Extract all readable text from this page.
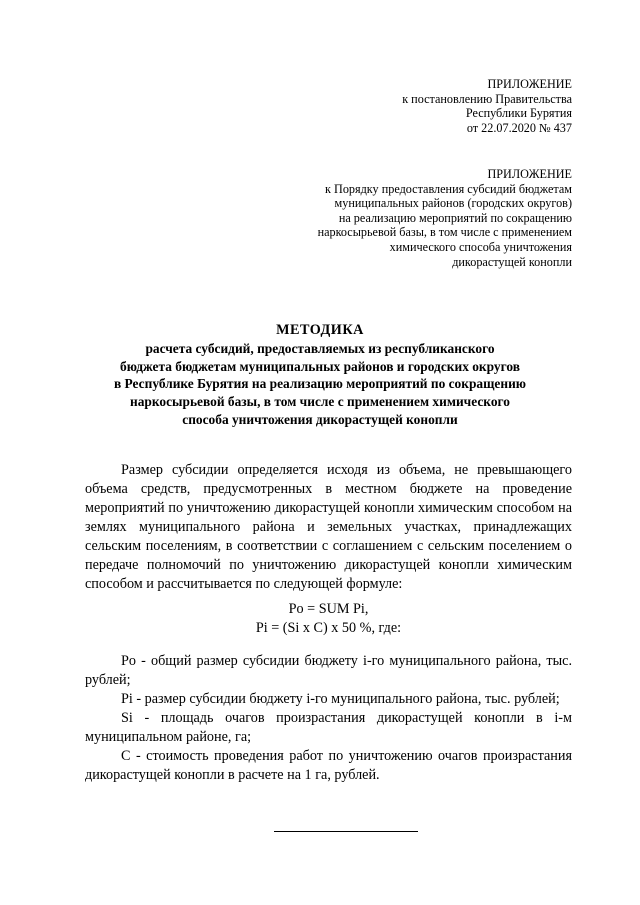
ПРИЛОЖЕНИЕ
к постановлению Правительства
Республики Бурятия
от 22.07.2020 № 437
ПРИЛОЖЕНИЕ
к Порядку предоставления субсидий бюджетам
муниципальных районов (городских округов)
на реализацию мероприятий по сокращению
наркосырьевой базы, в том числе с применением
химического способа уничтожения
дикорастущей конопли
МЕТОДИКА
расчета субсидий, предоставляемых из республиканского
бюджета бюджетам муниципальных районов и городских округов
в Республике Бурятия на реализацию мероприятий по сокращению
наркосырьевой базы, в том числе с применением химического
способа уничтожения дикорастущей конопли

Размер субсидии определяется исходя из объема, не превышающего объема средств, предусмотренных в местном бюджете на проведение мероприятий по уничтожению дикорастущей конопли химическим способом на землях муниципального района и земельных участках, принадлежащих сельским поселениям, в соответствии с соглашением с сельским поселением о передаче полномочий по уничтожению дикорастущей конопли химическим способом и рассчитывается по следующей формуле:

Po = SUM Pi,
Pi = (Si x C) x 50 %, где:

Po - общий размер субсидии бюджету i-го муниципального района, тыс. рублей;

Pi - размер субсидии бюджету i-го муниципального района, тыс. рублей;

Si - площадь очагов произрастания дикорастущей конопли в i-м муниципальном районе, га;

C - стоимость проведения работ по уничтожению очагов произрастания дикорастущей конопли в расчете на 1 га, рублей.
